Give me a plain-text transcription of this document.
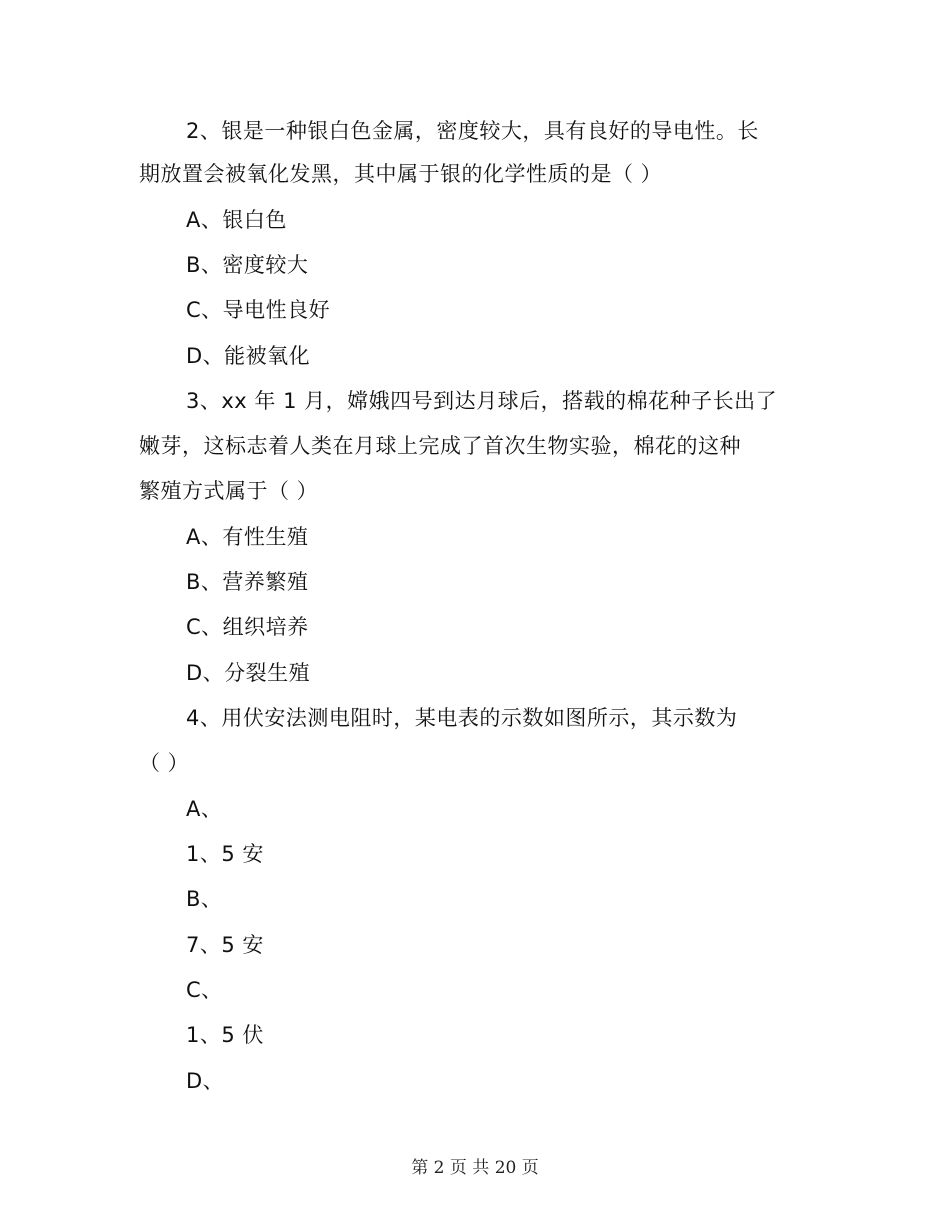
2、银是一种银白色金属，密度较大，具有良好的导电性。长
期放置会被氧化发黑，其中属于银的化学性质的是（ ）
A、银白色
B、密度较大
C、导电性良好
D、能被氧化
3、xx 年 1 月，嫦娥四号到达月球后，搭载的棉花种子长出了
嫩芽，这标志着人类在月球上完成了首次生物实验，棉花的这种
繁殖方式属于（ ）
A、有性生殖
B、营养繁殖
C、组织培养
D、分裂生殖
4、用伏安法测电阻时，某电表的示数如图所示，其示数为
（ ）
A、
1、5 安
B、
7、5 安
C、
1、5 伏
D、
第 2 页 共 20 页
